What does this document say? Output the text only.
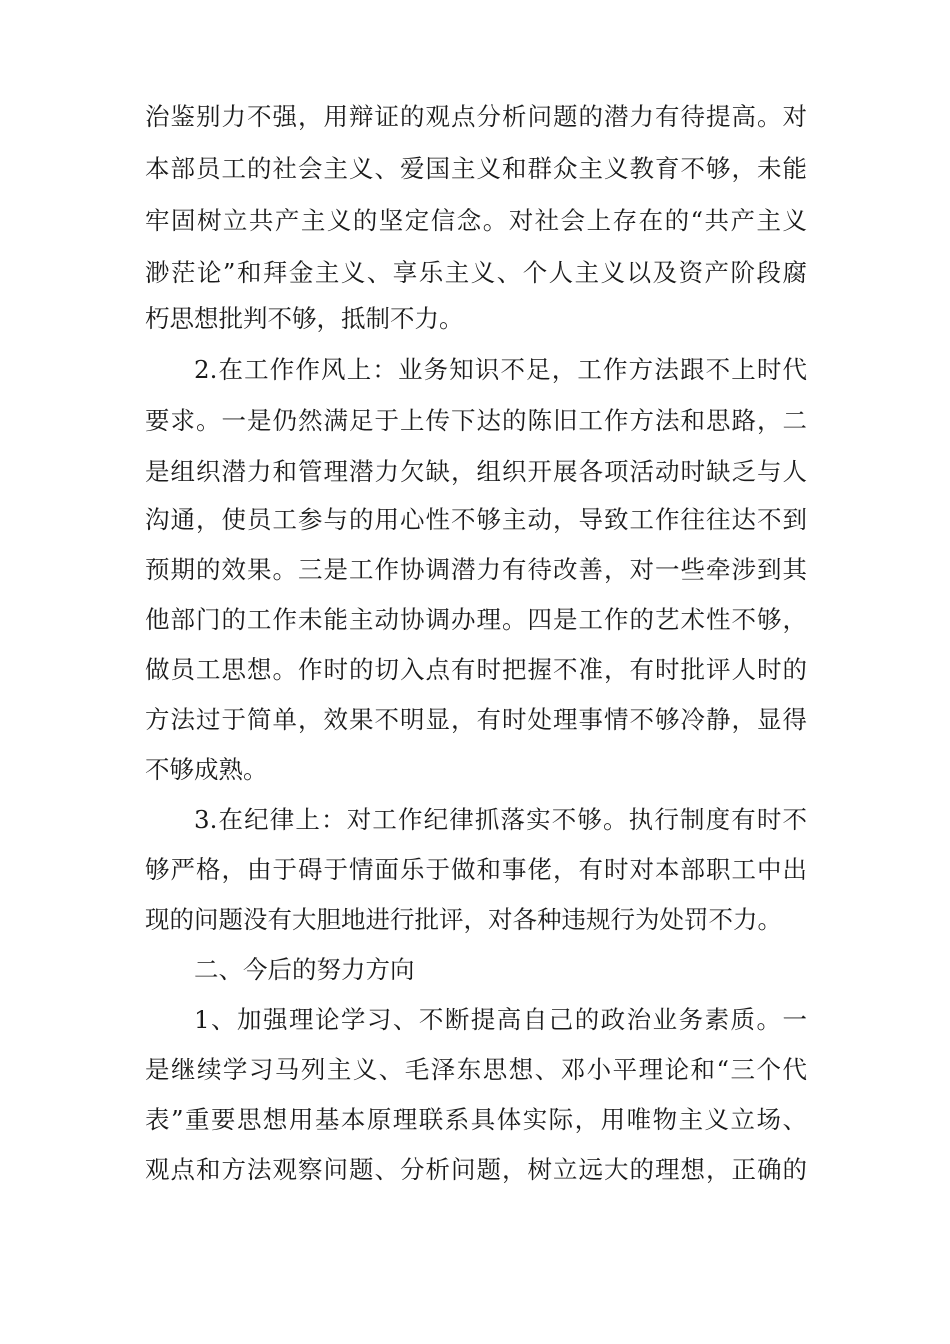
治鉴别力不强，用辩证的观点分析问题的潜力有待提高。对
本部员工的社会主义、爱国主义和群众主义教育不够，未能
牢固树立共产主义的坚定信念。对社会上存在的“共产主义
渺茫论”和拜金主义、享乐主义、个人主义以及资产阶段腐
朽思想批判不够，抵制不力。
2.在工作作风上：业务知识不足，工作方法跟不上时代
要求。一是仍然满足于上传下达的陈旧工作方法和思路，二
是组织潜力和管理潜力欠缺，组织开展各项活动时缺乏与人
沟通，使员工参与的用心性不够主动，导致工作往往达不到
预期的效果。三是工作协调潜力有待改善，对一些牵涉到其
他部门的工作未能主动协调办理。四是工作的艺术性不够，
做员工思想。作时的切入点有时把握不准，有时批评人时的
方法过于简单，效果不明显，有时处理事情不够冷静，显得
不够成熟。
3.在纪律上：对工作纪律抓落实不够。执行制度有时不
够严格，由于碍于情面乐于做和事佬，有时对本部职工中出
现的问题没有大胆地进行批评，对各种违规行为处罚不力。
二、今后的努力方向
1、加强理论学习、不断提高自己的政治业务素质。一
是继续学习马列主义、毛泽东思想、邓小平理论和“三个代
表”重要思想用基本原理联系具体实际，用唯物主义立场、
观点和方法观察问题、分析问题，树立远大的理想，正确的
